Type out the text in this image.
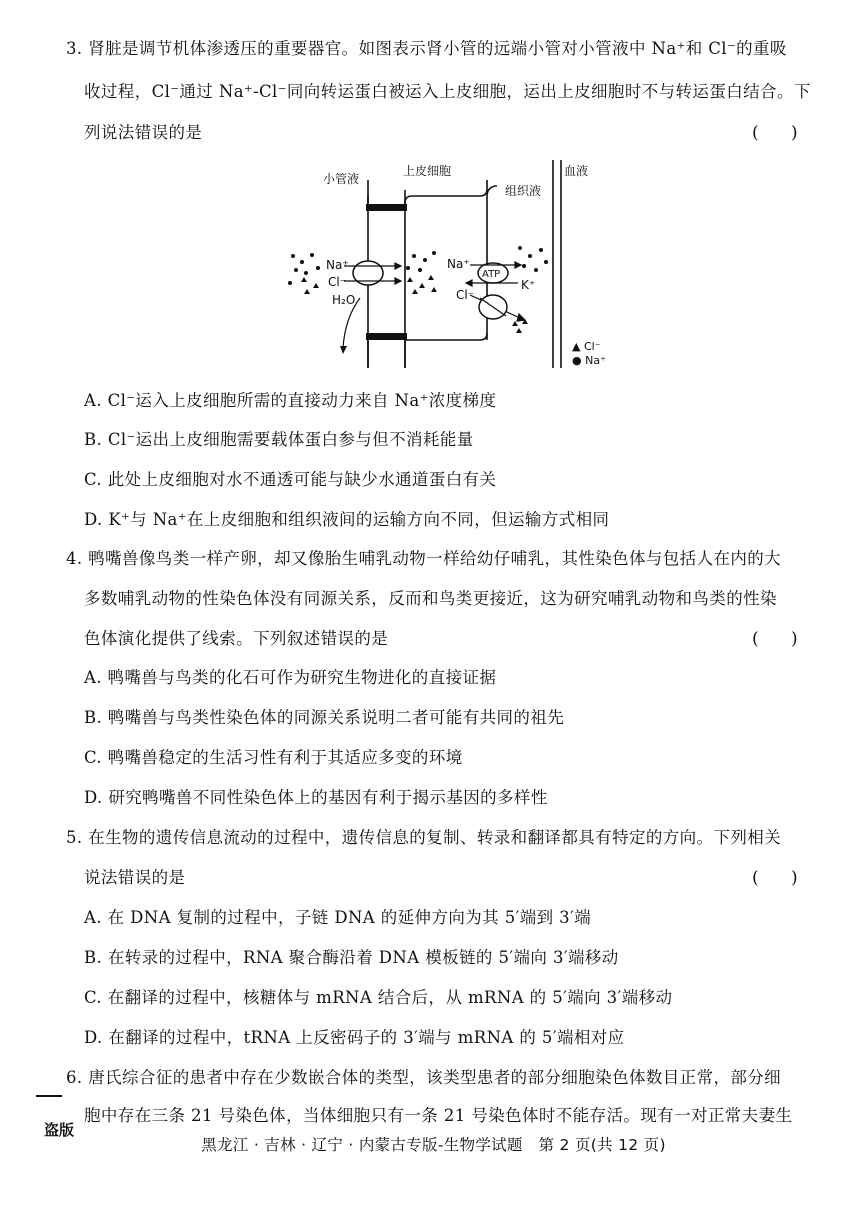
3. 肾脏是调节机体渗透压的重要器官。如图表示肾小管的远端小管对小管液中 Na⁺和 Cl⁻的重吸
收过程，Cl⁻通过 Na⁺-Cl⁻同向转运蛋白被运入上皮细胞，运出上皮细胞时不与转运蛋白结合。下
列说法错误的是	(      )
小管液
上皮细胞
组织液
血液
Na⁺
Cl⁻
H₂O
Na⁺
ATP
K⁺
Cl⁻
▲ Cl⁻
● Na⁺
A. Cl⁻运入上皮细胞所需的直接动力来自 Na⁺浓度梯度
B. Cl⁻运出上皮细胞需要载体蛋白参与但不消耗能量
C. 此处上皮细胞对水不通透可能与缺少水通道蛋白有关
D. K⁺与 Na⁺在上皮细胞和组织液间的运输方向不同，但运输方式相同
4. 鸭嘴兽像鸟类一样产卵，却又像胎生哺乳动物一样给幼仔哺乳，其性染色体与包括人在内的大
多数哺乳动物的性染色体没有同源关系，反而和鸟类更接近，这为研究哺乳动物和鸟类的性染
色体演化提供了线索。下列叙述错误的是	(      )
A. 鸭嘴兽与鸟类的化石可作为研究生物进化的直接证据
B. 鸭嘴兽与鸟类性染色体的同源关系说明二者可能有共同的祖先
C. 鸭嘴兽稳定的生活习性有利于其适应多变的环境
D. 研究鸭嘴兽不同性染色体上的基因有利于揭示基因的多样性
5. 在生物的遗传信息流动的过程中，遗传信息的复制、转录和翻译都具有特定的方向。下列相关
说法错误的是	(      )
A. 在 DNA 复制的过程中，子链 DNA 的延伸方向为其 5′端到 3′端
B. 在转录的过程中，RNA 聚合酶沿着 DNA 模板链的 5′端向 3′端移动
C. 在翻译的过程中，核糖体与 mRNA 结合后，从 mRNA 的 5′端向 3′端移动
D. 在翻译的过程中，tRNA 上反密码子的 3′端与 mRNA 的 5′端相对应
6. 唐氏综合征的患者中存在少数嵌合体的类型，该类型患者的部分细胞染色体数目正常，部分细
胞中存在三条 21 号染色体，当体细胞只有一条 21 号染色体时不能存活。现有一对正常夫妻生
盗版
黑龙江 · 吉林 · 辽宁 · 内蒙古专版-生物学试题　第 2 页(共 12 页)
